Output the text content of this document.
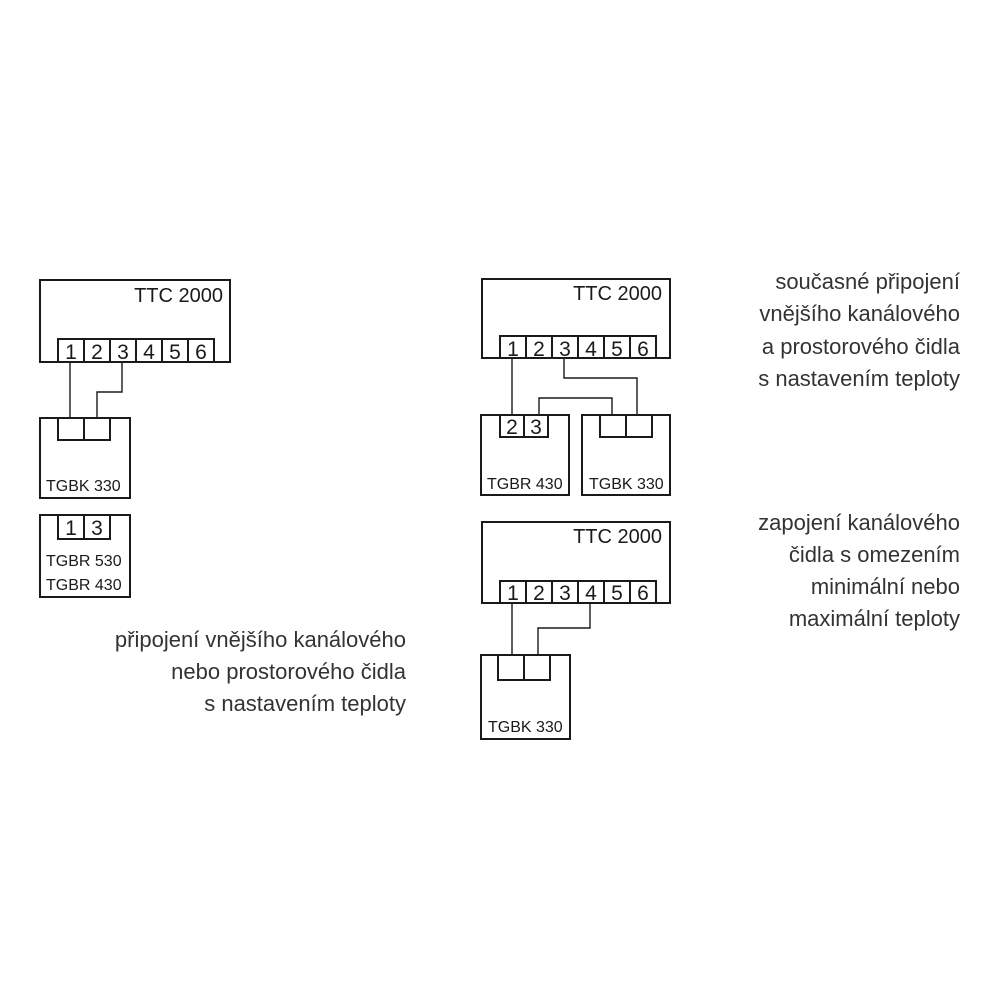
TTC 2000
1 2 3 4 5 6
TGBK 330
1 3
TGBR 530
TGBR 430
připojení vnějšího kanálového
nebo prostorového čidla
s nastavením teploty
TTC 2000
1 2 3 4 5 6
2 3
TGBR 430 TGBK 330
současné připojení
vnějšího kanálového
a prostorového čidla
s nastavením teploty
TTC 2000
1 2 3 4 5 6
TGBK 330
zapojení kanálového
čidla s omezením
minimální nebo
maximální teploty
